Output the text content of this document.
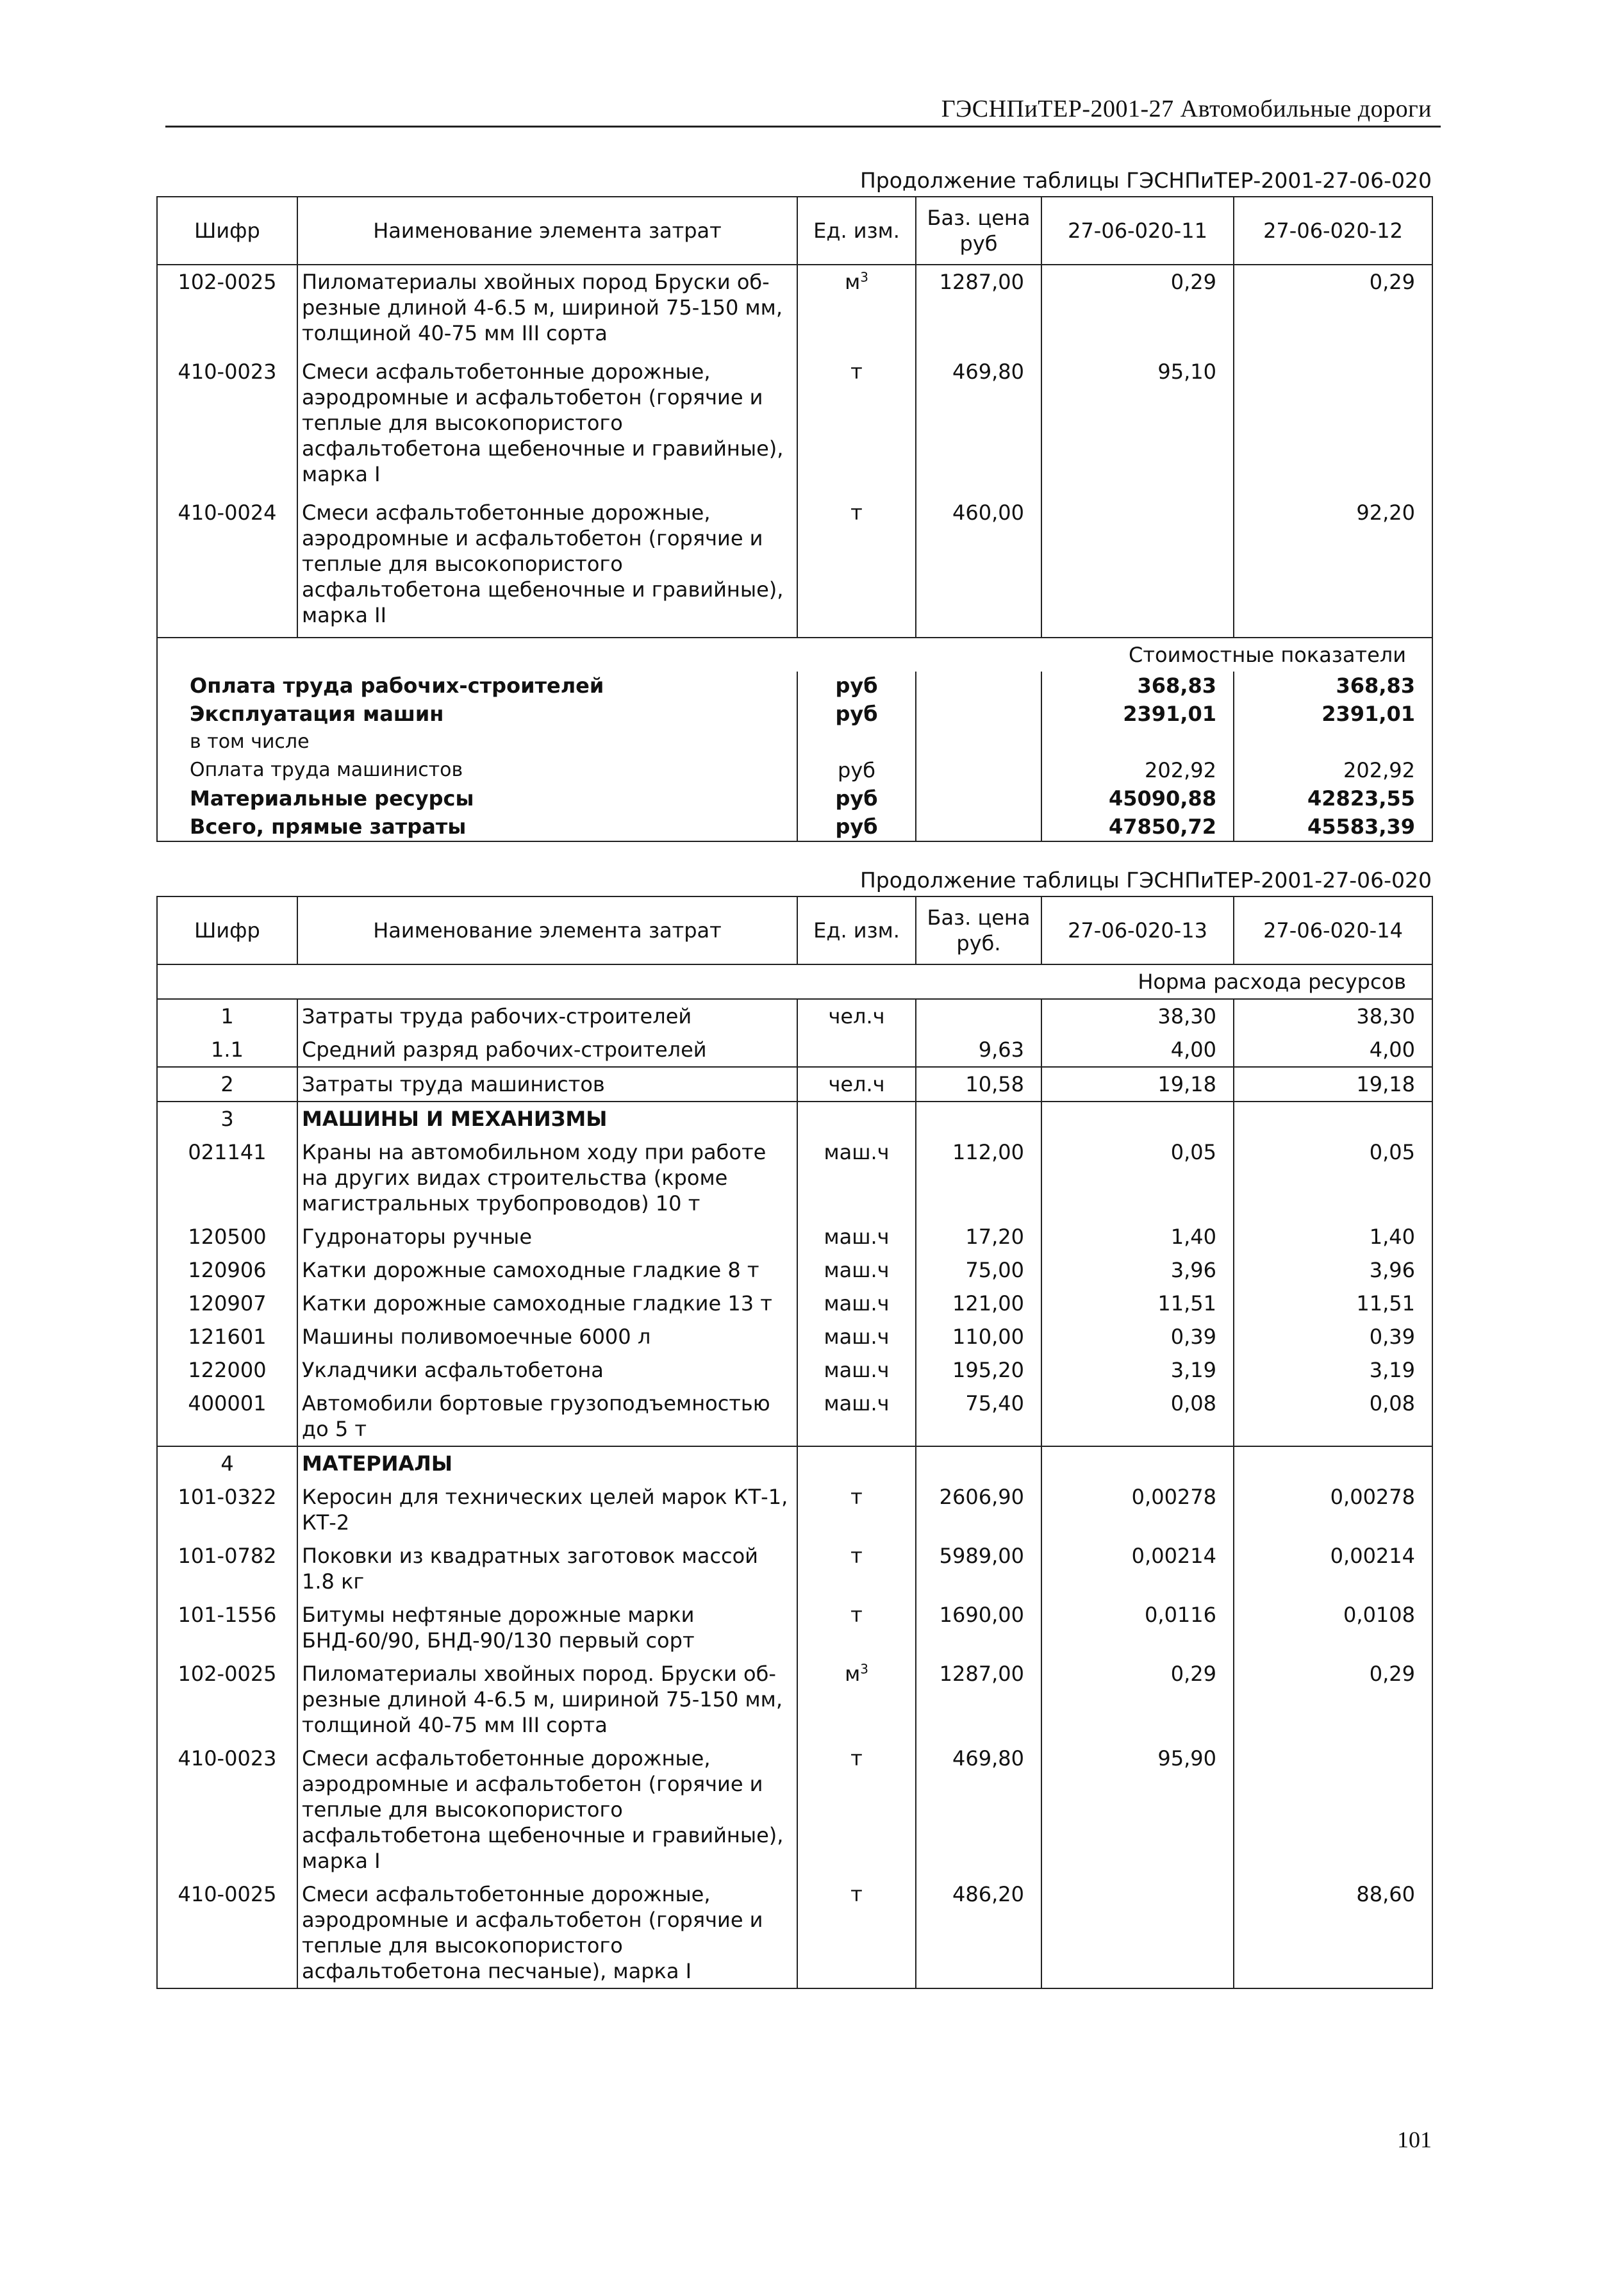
ГЭСНПиТЕР-2001-27 Автомобильные дороги
Продолжение таблицы ГЭСНПиТЕР-2001-27-06-020
Шифр	Наименование элемента затрат	Ед. изм.	Баз. цена руб	27-06-020-11	27-06-020-12
102-0025	Пиломатериалы хвойных пород Бруски об-резные длиной 4-6.5 м, шириной 75-150 мм, толщиной 40-75 мм III сорта	$м^3$	1287,00	0,29	0,29
410-0023	Смеси асфальтобетонные дорожные, аэродромные и асфальтобетон (горячие и теплые для высокопористого асфальтобетона щебеночные и гравийные), марка I	т	469,80	95,10	
410-0024	Смеси асфальтобетонные дорожные, аэродромные и асфальтобетон (горячие и теплые для высокопористого асфальтобетона щебеночные и гравийные), марка II	т	460,00		92,20
Стоимостные показатели					
Оплата труда рабочих-строителей		руб		368,83	368,83
Эксплуатация машин		руб		2391,01	2391,01
в том числе					
Оплата труда машинистов		руб		202,92	202,92
Материальные ресурсы		руб		45090,88	42823,55
Всего, прямые затраты		руб		47850,72	45583,39
Продолжение таблицы ГЭСНПиТЕР-2001-27-06-020
Шифр	Наименование элемента затрат	Ед. изм.	Баз. цена руб.	27-06-020-13	27-06-020-14
Норма расхода ресурсов					
1	Затраты труда рабочих-строителей	чел.ч		38,30	38,30
1.1	Средний разряд рабочих-строителей		9,63	4,00	4,00
2	Затраты труда машинистов	чел.ч	10,58	19,18	19,18
3	МАШИНЫ И МЕХАНИЗМЫ				
021141	Краны на автомобильном ходу при работе на других видах строительства (кроме магистральных трубопроводов) 10 т	маш.ч	112,00	0,05	0,05
120500	Гудронаторы ручные	маш.ч	17,20	1,40	1,40
120906	Катки дорожные самоходные гладкие 8 т	маш.ч	75,00	3,96	3,96
120907	Катки дорожные самоходные гладкие 13 т	маш.ч	121,00	11,51	11,51
121601	Машины поливомоечные 6000 л	маш.ч	110,00	0,39	0,39
122000	Укладчики асфальтобетона	маш.ч	195,20	3,19	3,19
400001	Автомобили бортовые грузоподъемностью до 5 т	маш.ч	75,40	0,08	0,08
4	МАТЕРИАЛЫ				
101-0322	Керосин для технических целей марок КТ-1, КТ-2	т	2606,90	0,00278	0,00278
101-0782	Поковки из квадратных заготовок массой 1.8 кг	т	5989,00	0,00214	0,00214
101-1556	Битумы нефтяные дорожные марки БНД-60/90, БНД-90/130 первый сорт	т	1690,00	0,0116	0,0108
102-0025	Пиломатериалы хвойных пород. Бруски об-резные длиной 4-6.5 м, шириной 75-150 мм, толщиной 40-75 мм III сорта	$м^3$	1287,00	0,29	0,29
410-0023	Смеси асфальтобетонные дорожные, аэродромные и асфальтобетон (горячие и теплые для высокопористого асфальтобетона щебеночные и гравийные), марка I	т	469,80	95,90	
410-0025	Смеси асфальтобетонные дорожные, аэродромные и асфальтобетон (горячие и теплые для высокопористого асфальтобетона песчаные), марка I	т	486,20		88,60
101
